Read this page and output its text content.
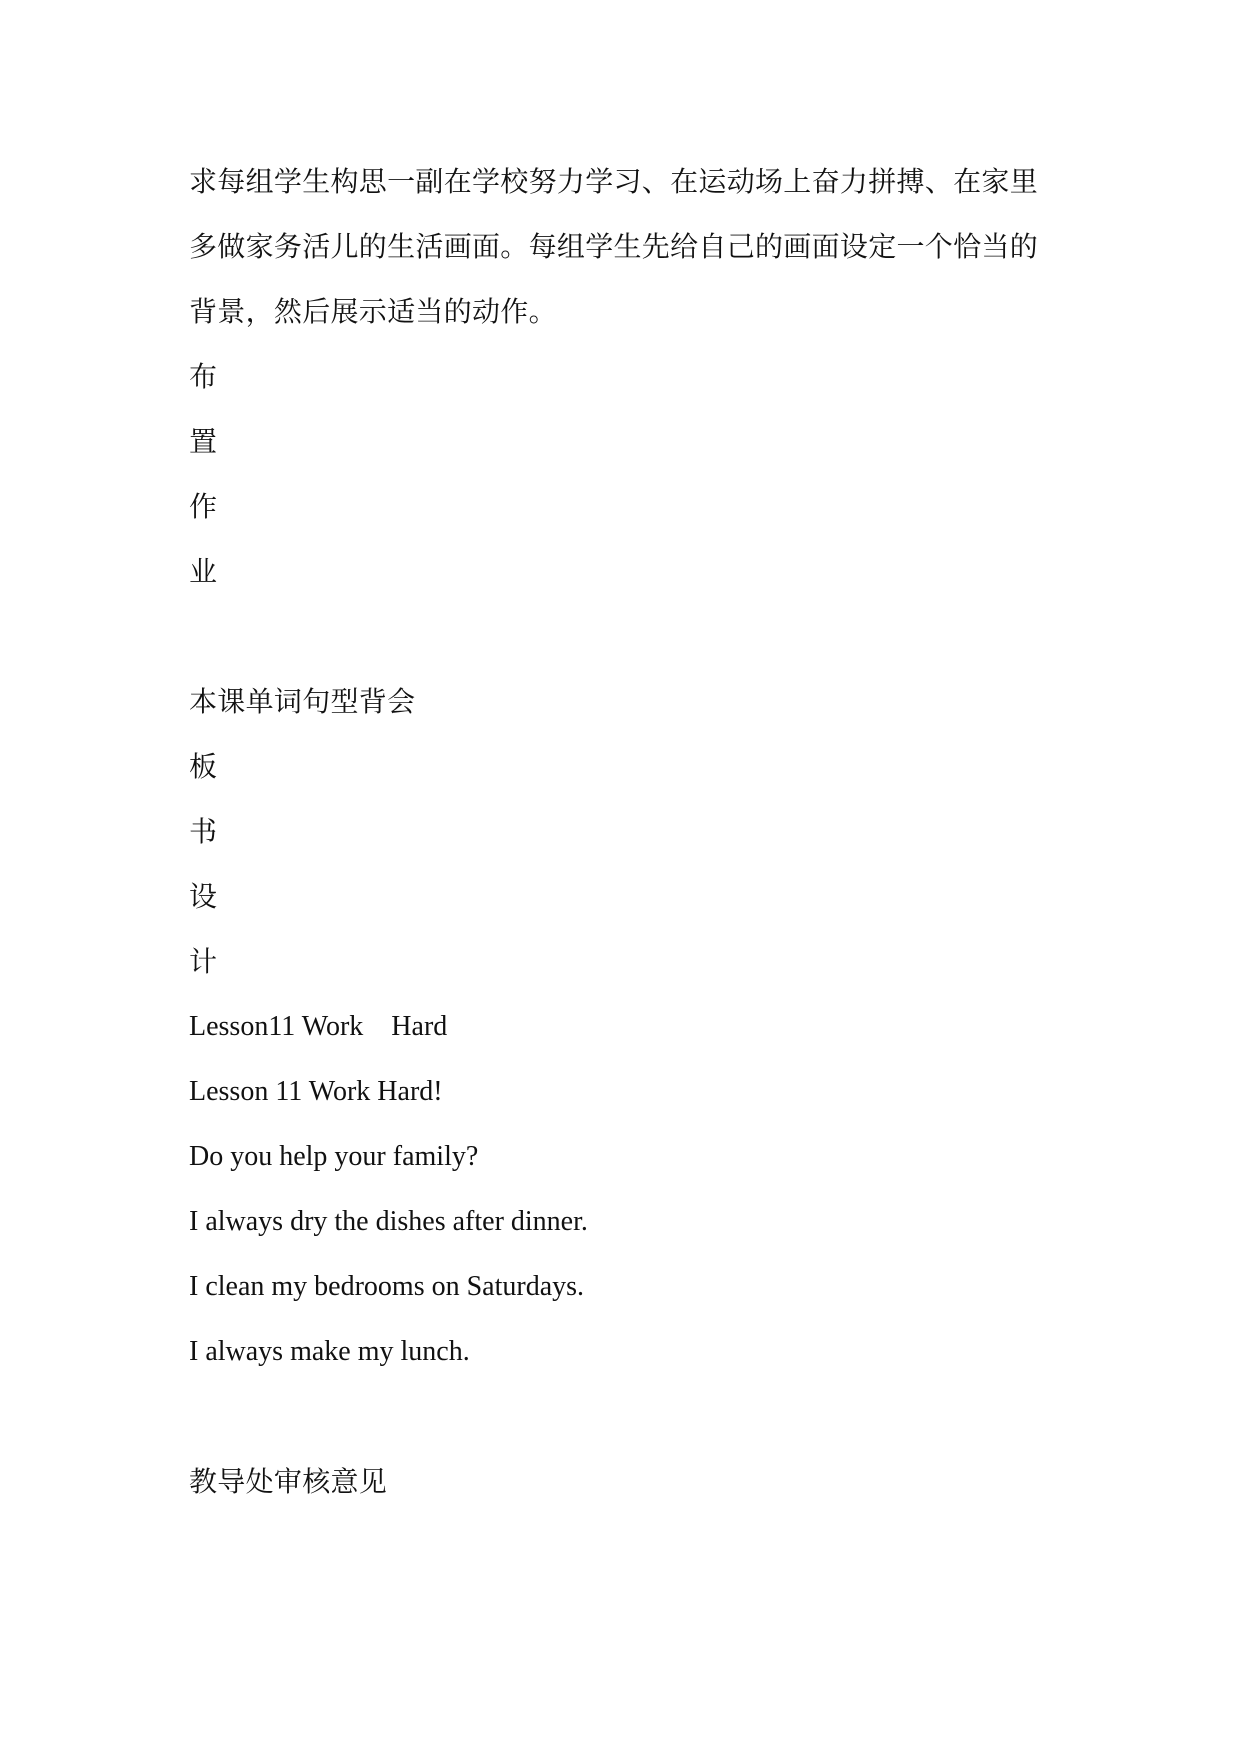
求每组学生构思一副在学校努力学习、在运动场上奋力拼搏、在家里
多做家务活儿的生活画面。每组学生先给自己的画面设定一个恰当的
背景，然后展示适当的动作。
布
置
作
业
本课单词句型背会
板
书
设
计
Lesson11 Work    Hard
Lesson 11 Work Hard!
Do you help your family?
I always dry the dishes after dinner.
I clean my bedrooms on Saturdays.
I always make my lunch.
教导处审核意见
